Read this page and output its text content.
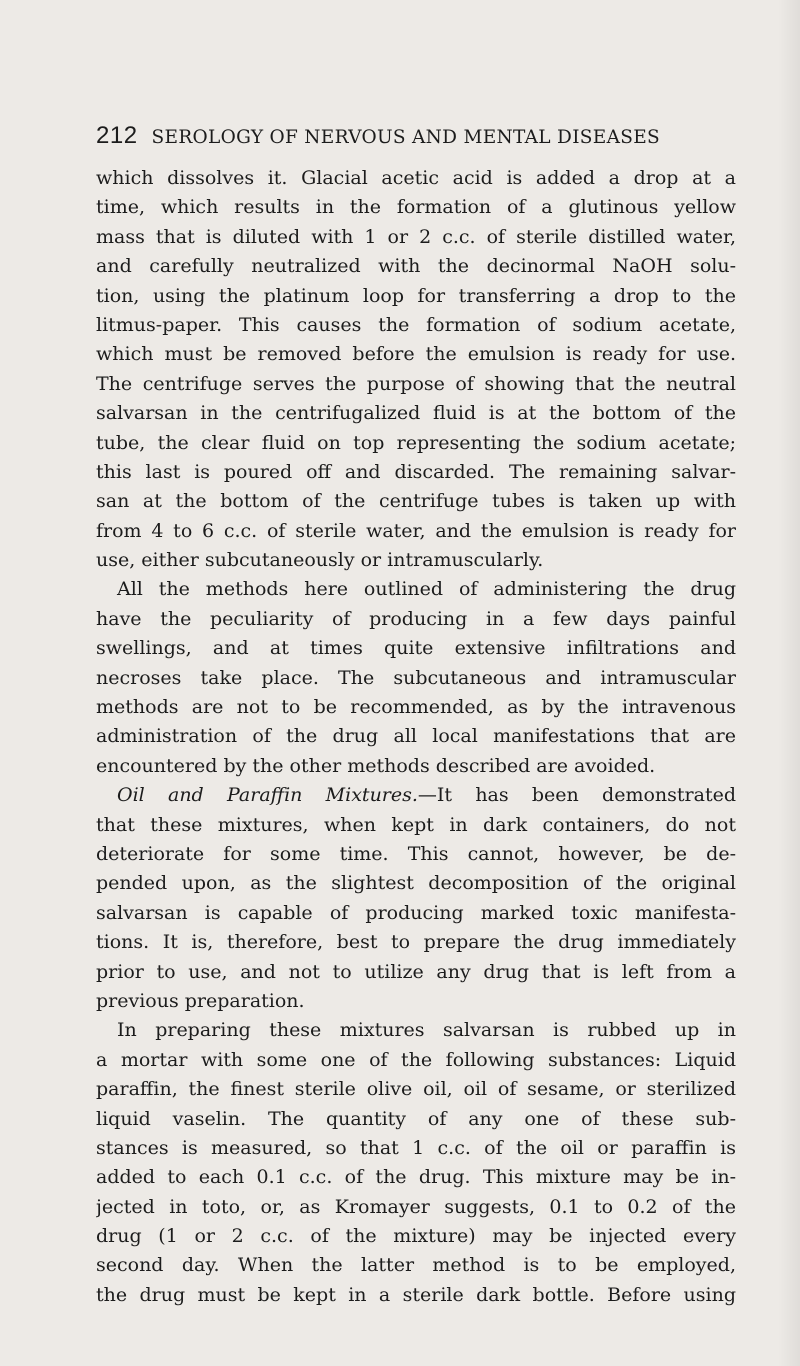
212 SEROLOGY OF NERVOUS AND MENTAL DISEASES
which dissolves it. Glacial acetic acid is added a drop at a
time, which results in the formation of a glutinous yellow
mass that is diluted with 1 or 2 c.c. of sterile distilled water,
and carefully neutralized with the decinormal NaOH solu-
tion, using the platinum loop for transferring a drop to the
litmus-paper. This causes the formation of sodium acetate,
which must be removed before the emulsion is ready for use.
The centrifuge serves the purpose of showing that the neutral
salvarsan in the centrifugalized fluid is at the bottom of the
tube, the clear fluid on top representing the sodium acetate;
this last is poured off and discarded. The remaining salvar-
san at the bottom of the centrifuge tubes is taken up with
from 4 to 6 c.c. of sterile water, and the emulsion is ready for
use, either subcutaneously or intramuscularly.
All the methods here outlined of administering the drug
have the peculiarity of producing in a few days painful
swellings, and at times quite extensive infiltrations and
necroses take place. The subcutaneous and intramuscular
methods are not to be recommended, as by the intravenous
administration of the drug all local manifestations that are
encountered by the other methods described are avoided.
Oil and Paraffin Mixtures.—It has been demonstrated
that these mixtures, when kept in dark containers, do not
deteriorate for some time. This cannot, however, be de-
pended upon, as the slightest decomposition of the original
salvarsan is capable of producing marked toxic manifesta-
tions. It is, therefore, best to prepare the drug immediately
prior to use, and not to utilize any drug that is left from a
previous preparation.
In preparing these mixtures salvarsan is rubbed up in
a mortar with some one of the following substances: Liquid
paraffin, the finest sterile olive oil, oil of sesame, or sterilized
liquid vaselin. The quantity of any one of these sub-
stances is measured, so that 1 c.c. of the oil or paraffin is
added to each 0.1 c.c. of the drug. This mixture may be in-
jected in toto, or, as Kromayer suggests, 0.1 to 0.2 of the
drug (1 or 2 c.c. of the mixture) may be injected every
second day. When the latter method is to be employed,
the drug must be kept in a sterile dark bottle. Before using
